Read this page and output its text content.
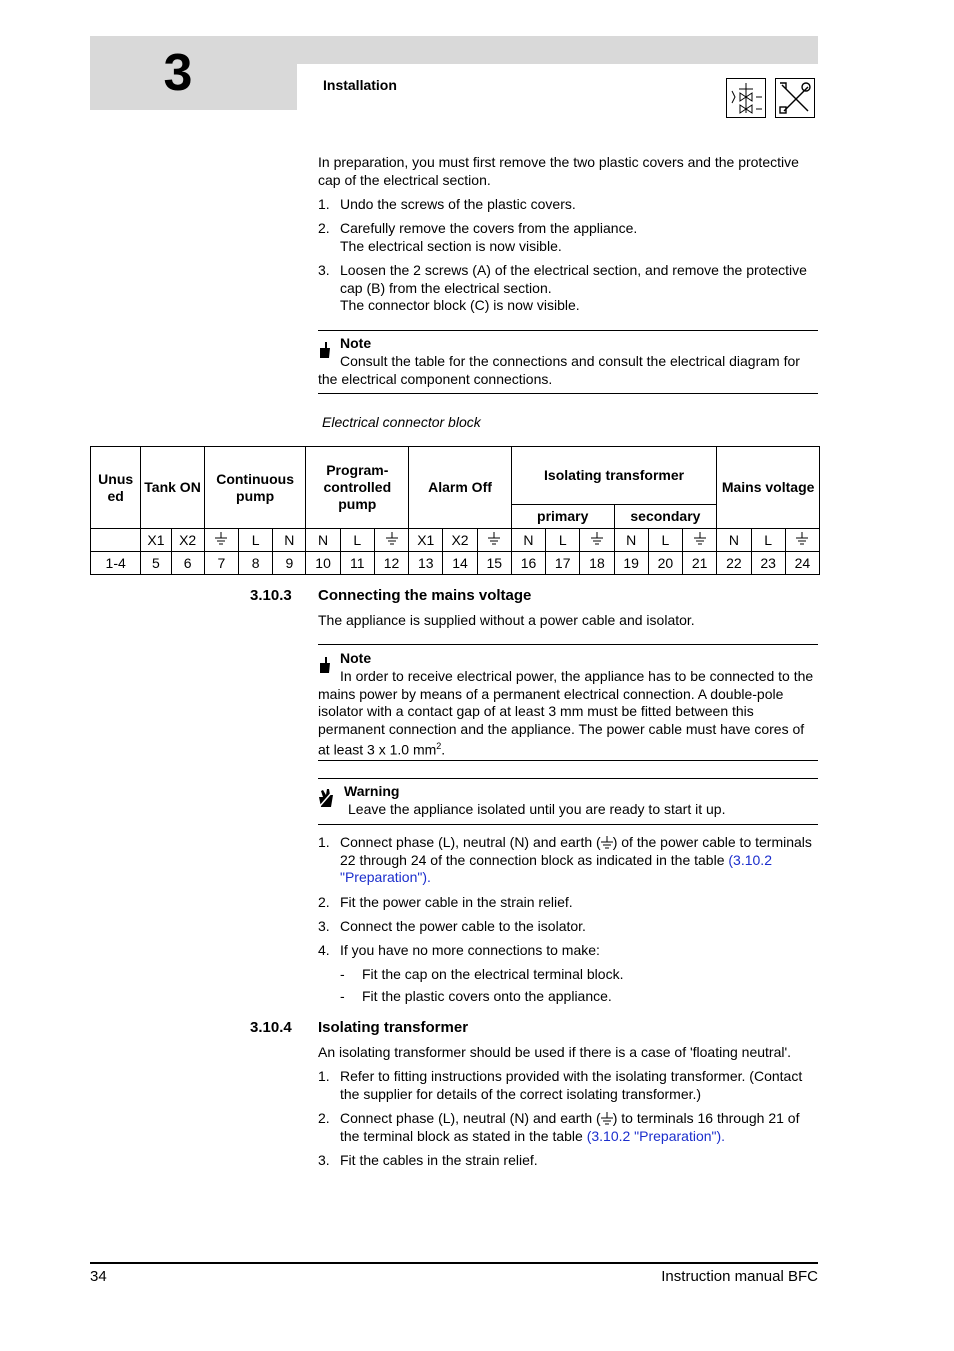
3	Installation
In preparation, you must first remove the two plastic covers and the protective cap of the electrical section.
1. Undo the screws of the plastic covers.
2. Carefully remove the covers from the appliance.
The electrical section is now visible.
3. Loosen the 2 screws (A) of the electrical section, and remove the protective cap (B) from the electrical section.
The connector block (C) is now visible.
Note
Consult the table for the connections and consult the electrical diagram for the electrical component connections.
Electrical connector block
Unus ed	Tank ON		Continuous pump			Program-controlled pump			Alarm Off			Isolating transformer						Mains voltage		
												primary			secondary					
	X1	X2		L	N	N	L		X1	X2		N	L		N	L		N	L	
1-4	5	6	7	8	9	10	11	12	13	14	15	16	17	18	19	20	21	22	23	24
3.10.3 Connecting the mains voltage
The appliance is supplied without a power cable and isolator.
Note
In order to receive electrical power, the appliance has to be connected to the mains power by means of a permanent electrical connection. A double-pole isolator with a contact gap of at least 3 mm must be fitted between this permanent connection and the appliance. The power cable must have cores of at least 3 x 1.0 $mm^2$.
Warning
Leave the appliance isolated until you are ready to start it up.
1. Connect phase (L), neutral (N) and earth ( ) of the power cable to terminals 22 through 24 of the connection block as indicated in the table (3.10.2 "Preparation").
2. Fit the power cable in the strain relief.
3. Connect the power cable to the isolator.
4. If you have no more connections to make:
- Fit the cap on the electrical terminal block.
- Fit the plastic covers onto the appliance.
3.10.4 Isolating transformer
An isolating transformer should be used if there is a case of 'floating neutral'.
1. Refer to fitting instructions provided with the isolating transformer. (Contact the supplier for details of the correct isolating transformer.)
2. Connect phase (L), neutral (N) and earth ( ) to terminals 16 through 21 of the terminal block as stated in the table (3.10.2 "Preparation").
3. Fit the cables in the strain relief.
34	Instruction manual BFC
